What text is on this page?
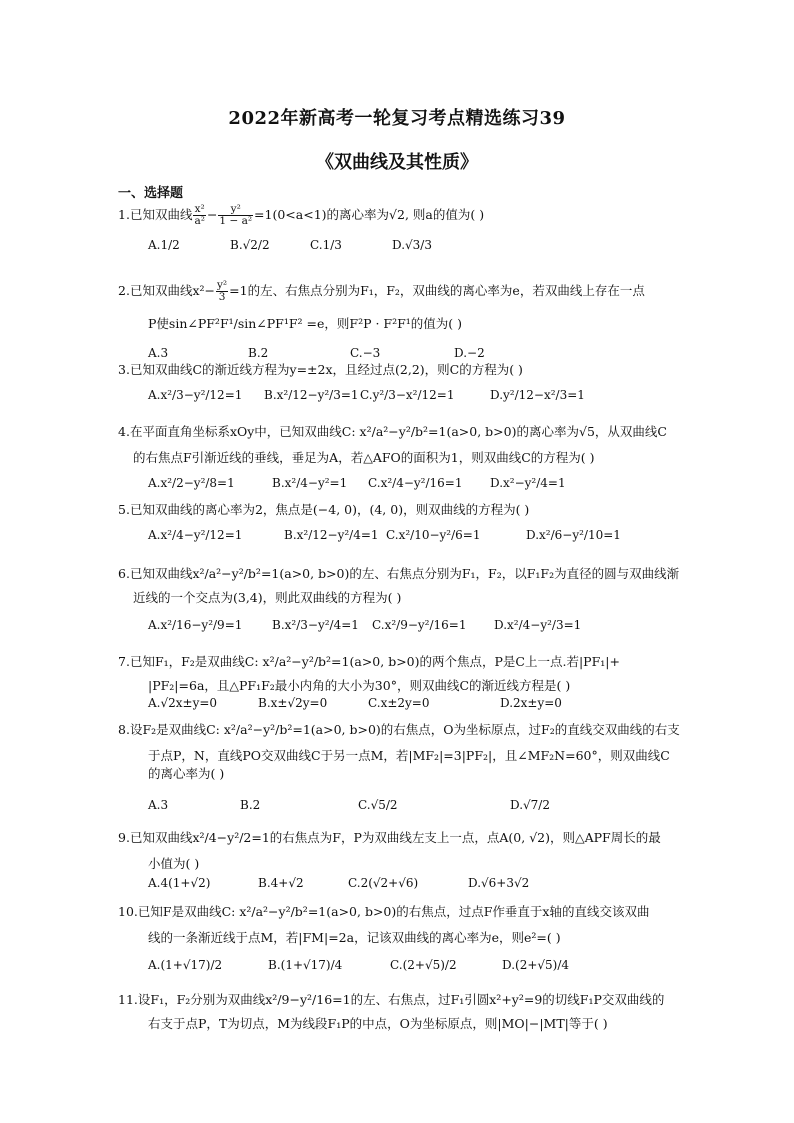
2022年新高考一轮复习考点精选练习39
《双曲线及其性质》
一、选择题
1.已知双曲线 $\frac{\text{x²}}{\text{a²}} - \frac{\text{y²}}{\text{1 − a²}} =1(0<a<1)$的离心率为√2, 则a的值为( )
A.1/2	B.√2/2	C.1/3	D.√3/3
2.已知双曲线$x^2- \frac{\text{y²}}{3} =1$的左、右焦点分别为F₁，F₂，双曲线的离心率为e，若双曲线上存在一点
P使sin∠PF²F¹/sin∠PF¹F² =e，则F²P · F²F¹的值为( )
A.3	B.2	C.−3	D.−2
3.已知双曲线C的渐近线方程为y=±2x，且经过点(2,2)，则C的方程为( )
A.x²/3−y²/12=1 B.x²/12−y²/3=1 C.y²/3−x²/12=1	D.y²/12−x²/3=1
4.在平面直角坐标系xOy中，已知双曲线C: x²/a²−y²/b²=1(a>0, b>0)的离心率为√5，从双曲线C
的右焦点F引渐近线的垂线，垂足为A，若△AFO的面积为1，则双曲线C的方程为( )
A.x²/2−y²/8=1	B.x²/4−y²=1 C.x²/4−y²/16=1 D.x²−y²/4=1
5.已知双曲线的离心率为2，焦点是(−4, 0)，(4, 0)，则双曲线的方程为( )
A.x²/4−y²/12=1	B.x²/12−y²/4=1 C.x²/10−y²/6=1	D.x²/6−y²/10=1
6.已知双曲线x²/a²−y²/b²=1(a>0, b>0)的左、右焦点分别为F₁，F₂，以F₁F₂为直径的圆与双曲线渐
近线的一个交点为(3,4)，则此双曲线的方程为( )
A.x²/16−y²/9=1 B.x²/3−y²/4=1 C.x²/9−y²/16=1 D.x²/4−y²/3=1
7.已知F₁，F₂是双曲线C: x²/a²−y²/b²=1(a>0, b>0)的两个焦点，P是C上一点.若|PF₁|+
|PF₂|=6a，且△PF₁F₂最小内角的大小为30°，则双曲线C的渐近线方程是( )
A.√2x±y=0	B.x±√2y=0	C.x±2y=0	D.2x±y=0
8.设F₂是双曲线C: x²/a²−y²/b²=1(a>0, b>0)的右焦点，O为坐标原点，过F₂的直线交双曲线的右支
于点P，N，直线PO交双曲线C于另一点M，若|MF₂|=3|PF₂|，且∠MF₂N=60°，则双曲线C
的离心率为( )
A.3	B.2	C.√5/2	D.√7/2
9.已知双曲线x²/4−y²/2=1的右焦点为F，P为双曲线左支上一点，点A(0, √2)，则△APF周长的最
小值为( )
A.4(1+√2)	B.4+√2	C.2(√2+√6)	D.√6+3√2
10.已知F是双曲线C: x²/a²−y²/b²=1(a>0, b>0)的右焦点，过点F作垂直于x轴的直线交该双曲
线的一条渐近线于点M，若|FM|=2a，记该双曲线的离心率为e，则e²=( )
A.(1+√17)/2	B.(1+√17)/4	C.(2+√5)/2	D.(2+√5)/4
11.设F₁，F₂分别为双曲线x²/9−y²/16=1的左、右焦点，过F₁引圆x²+y²=9的切线F₁P交双曲线的
右支于点P，T为切点，M为线段F₁P的中点，O为坐标原点，则|MO|−|MT|等于( )
